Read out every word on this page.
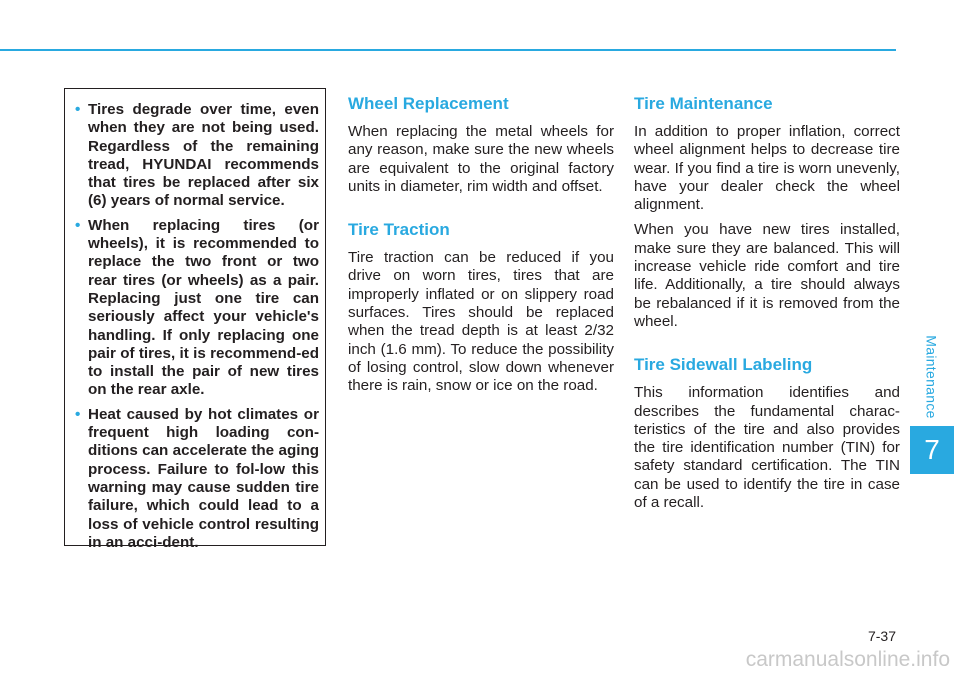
• Tires degrade over time, even when they are not being used. Regardless of the remaining tread, HYUNDAI recommends that tires be replaced after six (6) years of normal service.
• When replacing tires (or wheels), it is recommended to replace the two front or two rear tires (or wheels) as a pair. Replacing just one tire can seriously affect your vehicle's handling. If only replacing one pair of tires, it is recommend-ed to install the pair of new tires on the rear axle.
• Heat caused by hot climates or frequent high loading con-ditions can accelerate the aging process. Failure to fol-low this warning may cause sudden tire failure, which could lead to a loss of vehicle control resulting in an acci-dent.
Wheel Replacement

When replacing the metal wheels for any reason, make sure the new wheels are equivalent to the original factory units in diameter, rim width and offset.

Tire Traction

Tire traction can be reduced if you drive on worn tires, tires that are improperly inflated or on slippery road surfaces. Tires should be replaced when the tread depth is at least 2/32 inch (1.6 mm). To reduce the possibility of losing control, slow down whenever there is rain, snow or ice on the road.

Tire Maintenance

In addition to proper inflation, correct wheel alignment helps to decrease tire wear. If you find a tire is worn unevenly, have your dealer check the wheel alignment.

When you have new tires installed, make sure they are balanced. This will increase vehicle ride comfort and tire life. Additionally, a tire should always be rebalanced if it is removed from the wheel.

Tire Sidewall Labeling

This information identifies and describes the fundamental charac-teristics of the tire and also provides the tire identification number (TIN) for safety standard certification. The TIN can be used to identify the tire in case of a recall.

Maintenance
7
7-37
carmanualsonline.info
